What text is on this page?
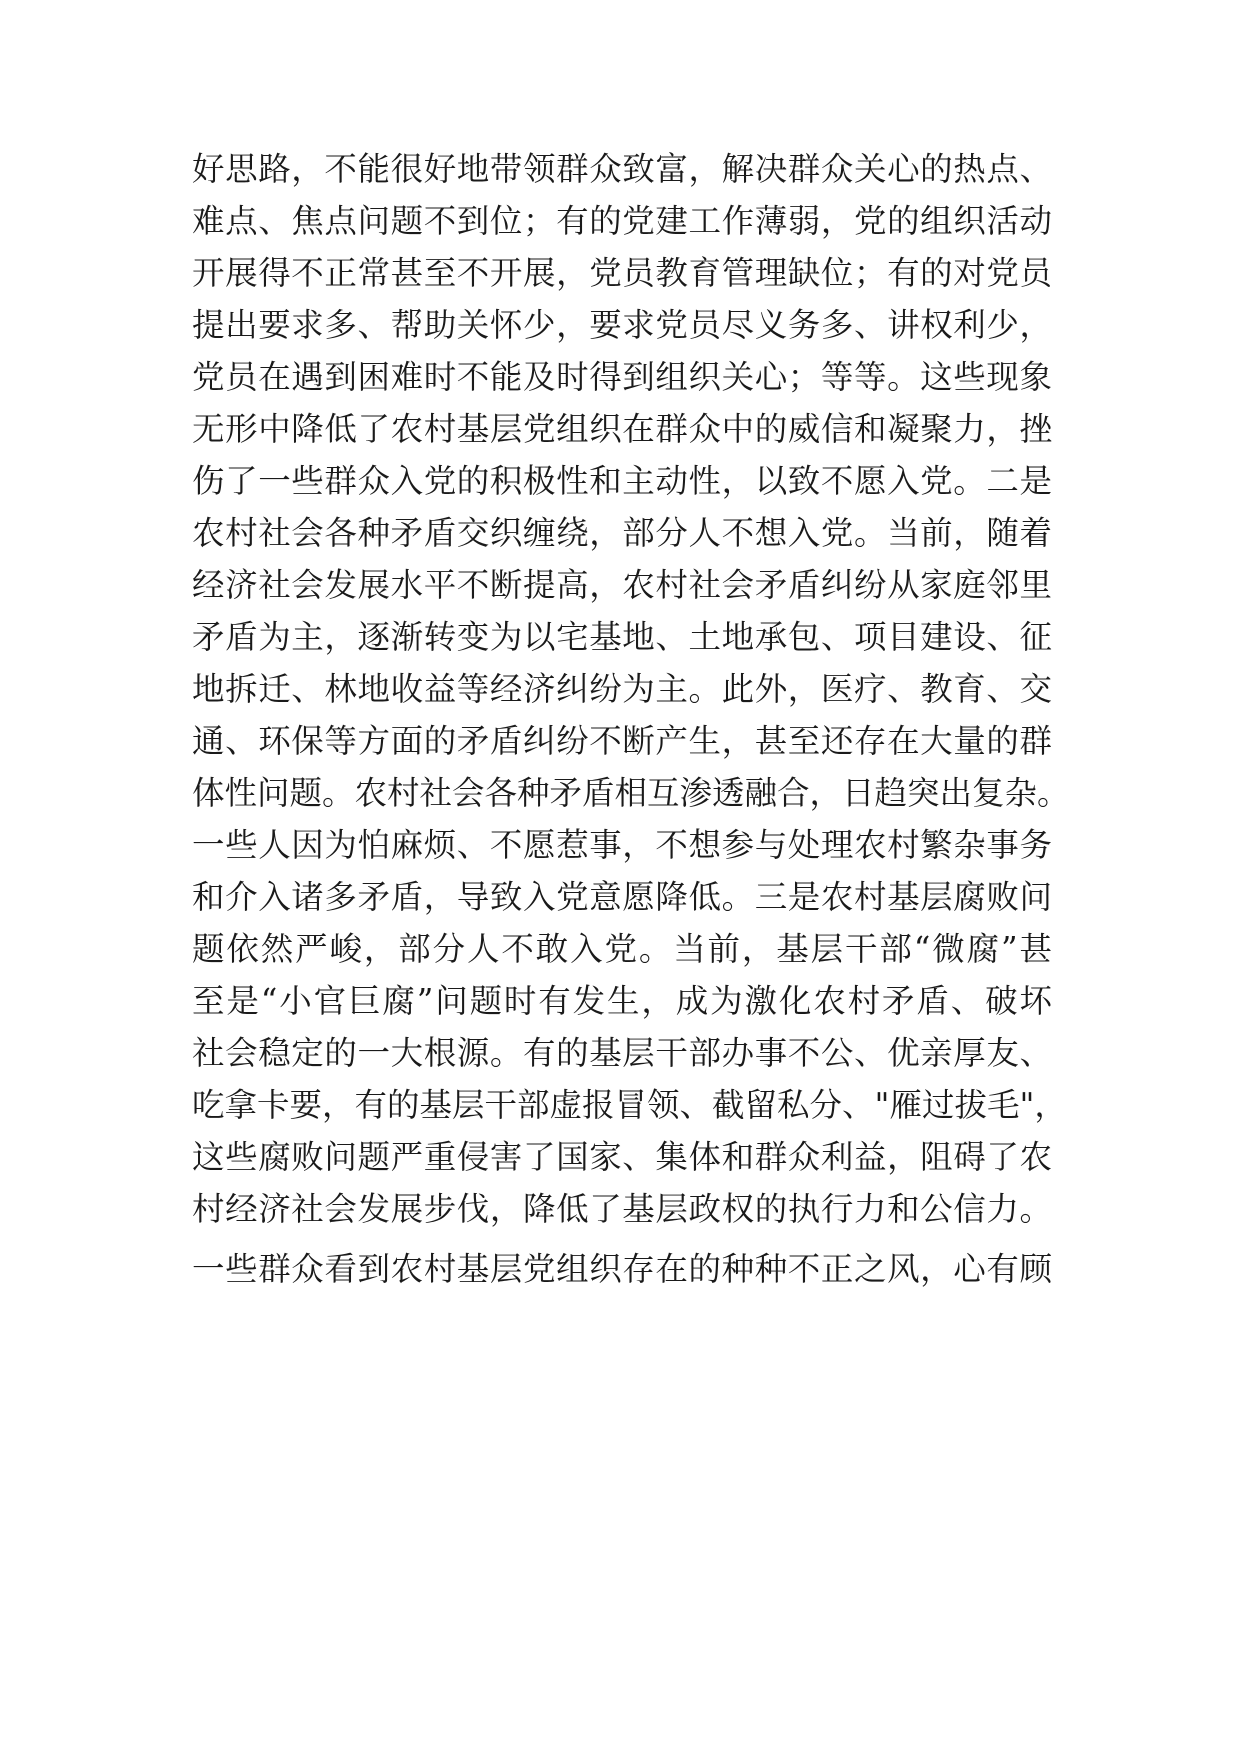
好思路，不能很好地带领群众致富，解决群众关心的热点、
难点、焦点问题不到位；有的党建工作薄弱，党的组织活动
开展得不正常甚至不开展，党员教育管理缺位；有的对党员
提出要求多、帮助关怀少，要求党员尽义务多、讲权利少，
党员在遇到困难时不能及时得到组织关心；等等。这些现象
无形中降低了农村基层党组织在群众中的威信和凝聚力，挫
伤了一些群众入党的积极性和主动性，以致不愿入党。二是
农村社会各种矛盾交织缠绕，部分人不想入党。当前，随着
经济社会发展水平不断提高，农村社会矛盾纠纷从家庭邻里
矛盾为主，逐渐转变为以宅基地、土地承包、项目建设、征
地拆迁、林地收益等经济纠纷为主。此外，医疗、教育、交
通、环保等方面的矛盾纠纷不断产生，甚至还存在大量的群
体性问题。农村社会各种矛盾相互渗透融合，日趋突出复杂。
一些人因为怕麻烦、不愿惹事，不想参与处理农村繁杂事务
和介入诸多矛盾，导致入党意愿降低。三是农村基层腐败问
题依然严峻，部分人不敢入党。当前，基层干部“微腐”甚
至是“小官巨腐”问题时有发生，成为激化农村矛盾、破坏
社会稳定的一大根源。有的基层干部办事不公、优亲厚友、
吃拿卡要，有的基层干部虚报冒领、截留私分、"雁过拔毛"，
这些腐败问题严重侵害了国家、集体和群众利益，阻碍了农
村经济社会发展步伐，降低了基层政权的执行力和公信力。
一些群众看到农村基层党组织存在的种种不正之风，心有顾
